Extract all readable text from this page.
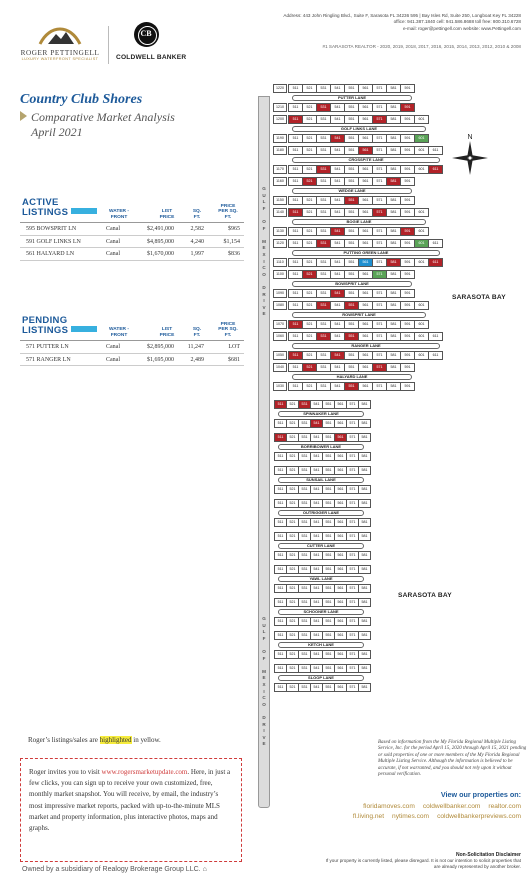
ROGER PETTINGELL
LUXURY WATERFRONT SPECIALIST
CB
COLDWELL BANKER
Address: 443 John Ringling Blvd., Suite F, Sarasota FL 34236 595 | Bay Isles Rd, Suite 250, Longboat Key FL 34228
office: 941.387.1840 cell: 941.586.8688 toll free: 800.310.6728
e-mail: roger@pettingell.com website: www.Pettingell.com
#1 SARASOTA REALTOR - 2020, 2019, 2018, 2017, 2016, 2015, 2014, 2013, 2012, 2010 & 2008
Country Club Shores
Comparative Market Analysis
April 2021
ACTIVE
LISTINGS	WATER - FRONT
LIST PRICE
SQ. FT.
PRICE PER SQ. FT.
595 BOWSPRIT LN	Canal	$2,491,000	2,582	$965
591 GOLF LINKS LN	Canal	$4,895,000	4,240	$1,154
561 HALYARD LN	Canal	$1,670,000	1,997	$836
PENDING
LISTINGS	WATER - FRONT
LIST PRICE
SQ. FT.
PRICE PER SQ. FT.
571 PUTTER LN	Canal	$2,895,000	11,247	LOT
571 RANGER LN	Canal	$1,695,000	2,489	$681
Roger’s listings/sales are highlighted in yellow.
Roger invites you to visit www.rogersmarketupdate.com. Here, in just a few clicks, you can sign up to receive your own customized, free, monthly market snapshot. You will receive, by email, the industry’s most impressive market reports, packed with up-to-the-minute MLS market and property information, plus interactive photos, maps and graphs.
Owned by a subsidiary of Realogy Brokerage Group LLC. ⌂
G
U
L
F

O
F

M
E
X
I
C
O

D
R
I
V
E
G
U
L
F

O
F

M
E
X
I
C
O

D
R
I
V
E
SARASOTA BAY
SARASOTA BAY
N
511	521	531	541	551	561	571	581	591
1220
PUTTER LANE
511	521	531	541	551	561	571	581	591
1210
511	521	531	541	551	561	571	581	591	601
1200
GOLF LINKS LANE
511	521	531	541	551	561	571	581	591	601
1190
511	521	531	541	551	561	571	581	591	601	611
1180
CROSSPITE LANE
511	521	531	541	551	561	571	581	591	601	611
1170
511	521	531	541	551	561	571	581	591
1160
WEDGE LANE
511	521	531	541	551	561	571	581	591
1150
511	521	531	541	551	561	571	581	591	601
1140
BOGIE LANE
511	521	531	541	551	561	571	581	591	601
1130
511	521	531	541	551	561	571	581	591	601	611
1120
PUTTING GREEN LANE
511	521	531	541	551	561	571	581	591	601	611
1110
511	521	531	541	551	561	571	581	591
1100
BOWSPRIT LANE
511	521	531	541	551	561	571	581	591
1090
511	521	531	541	551	561	571	581	591	601
1080
ROWSPRIT LANE
511	521	531	541	551	561	571	581	591	601
1070
511	521	531	541	551	561	571	581	591	601	611
1060
RANGER LANE
511	521	531	541	551	561	571	581	591	601	611
1050
511	521	531	541	551	561	571	581	591
1040
HALYARD LANE
511	521	531	541	551	561	571	581	591
1030
511	521	531	541	551	561	571	581
SPINNAKER LANE
511	521	531	541	551	561	571	581
511	521	531	541	551	561	571	581
BORRIBOWER LANE
511	521	531	541	551	561	571	581
511	521	531	541	551	561	571	581
SUNSAIL LANE
511	521	531	541	551	561	571	581
511	521	531	541	551	561	571	581
OUTRIGGER LANE
511	521	531	541	551	561	571	581
511	521	531	541	551	561	571	581
CUTTER LANE
511	521	531	541	551	561	571	581
511	521	531	541	551	561	571	581
YAWL LANE
511	521	531	541	551	561	571	581
511	521	531	541	551	561	571	581
SCHOONER LANE
511	521	531	541	551	561	571	581
511	521	531	541	551	561	571	581
KETCH LANE
511	521	531	541	551	561	571	581
511	521	531	541	551	561	571	581
SLOOP LANE
511	521	531	541	551	561	571	581
Based on information from the My Florida Regional Multiple Listing Service, Inc. for the period April 15, 2020 through April 15, 2021 pending or sold properties of one or more members of the My Florida Regional Multiple Listing Service. Although the information is believed to be accurate, if not warranted, and you should not rely upon it without personal verification.
View our properties on:
floridamoves.com coldwellbanker.com realtor.com
fl.living.net nytimes.com coldwellbankerpreviews.com
Non-Solicitation Disclaimer
If your property is currently listed, please disregard. It is not our intention to solicit properties that are already represented by another broker.
